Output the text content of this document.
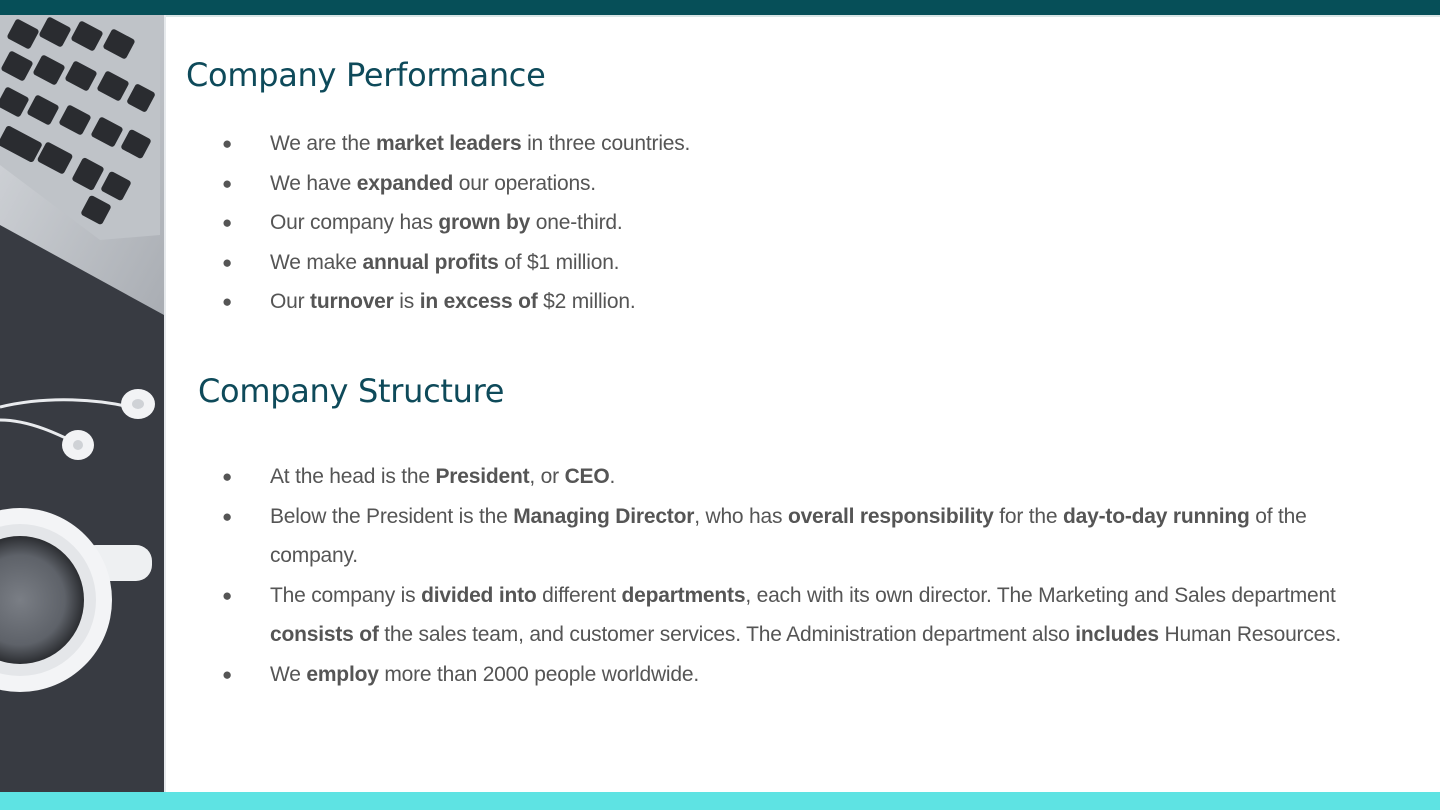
Company Performance
● We are the market leaders in three countries.
● We have expanded our operations.
● Our company has grown by one-third.
● We make annual profits of $1 million.
● Our turnover is in excess of $2 million.
Company Structure
● At the head is the President, or CEO.
● Below the President is the Managing Director, who has overall responsibility for the day-to-day running of the company.
● The company is divided into different departments, each with its own director. The Marketing and Sales department consists of the sales team, and customer services. The Administration department also includes Human Resources.
● We employ more than 2000 people worldwide.
